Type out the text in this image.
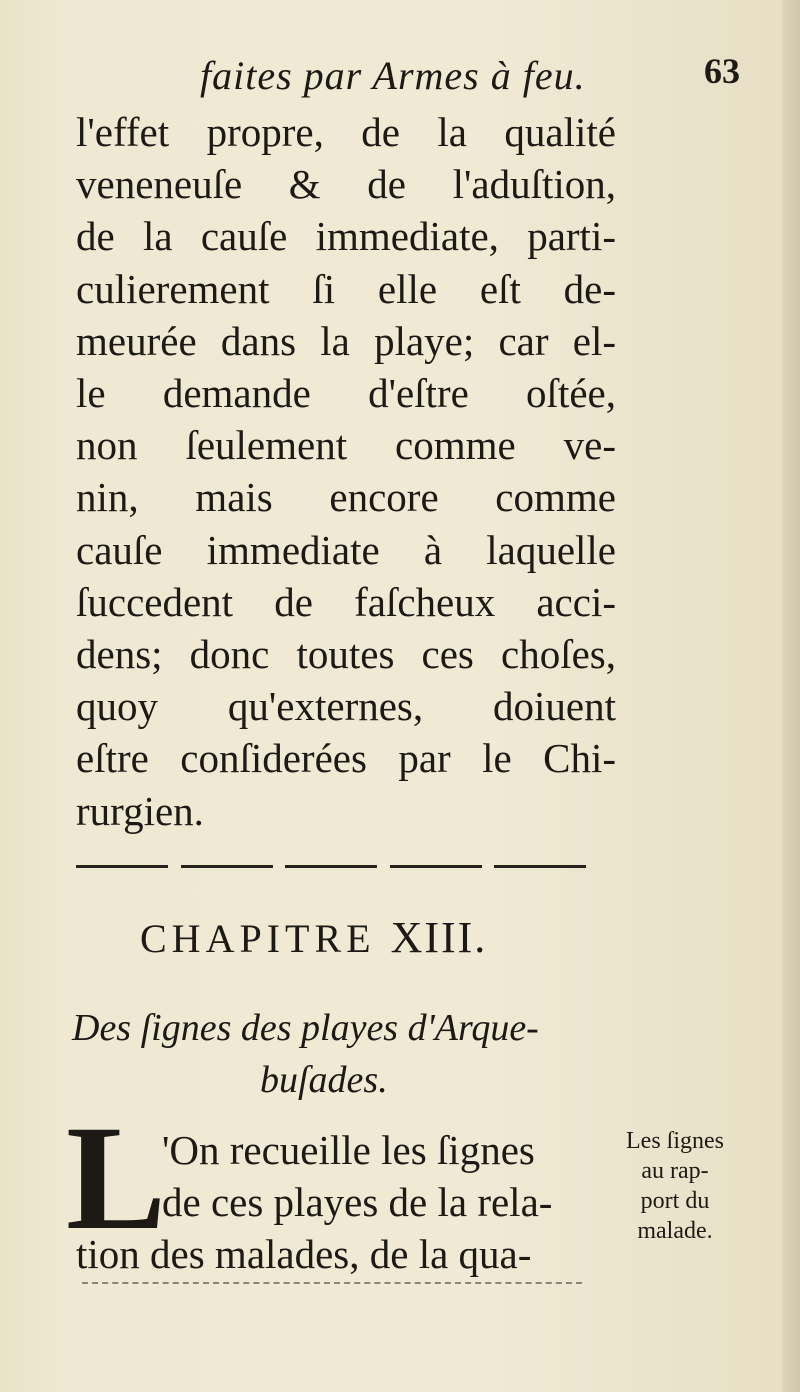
faites par Armes à feu.	63
l'effet propre, de la qualité
veneneuſe & de l'aduſtion,
de la cauſe immediate, parti-
culierement ſi elle eſt de-
meurée dans la playe; car el-
le demande d'eſtre oſtée,
non ſeulement comme ve-
nin, mais encore comme
cauſe immediate à laquelle
ſuccedent de faſcheux acci-
dens; donc toutes ces choſes,
quoy qu'externes, doiuent
eſtre conſiderées par le Chi-
rurgien.
CHAPITRE XIII.
Des ſignes des playes d'Arque-
buſades.
L
'On recueille les ſignes
de ces playes de la rela-
tion des malades, de la qua-
Les ſignes
au rap-
port du
malade.
